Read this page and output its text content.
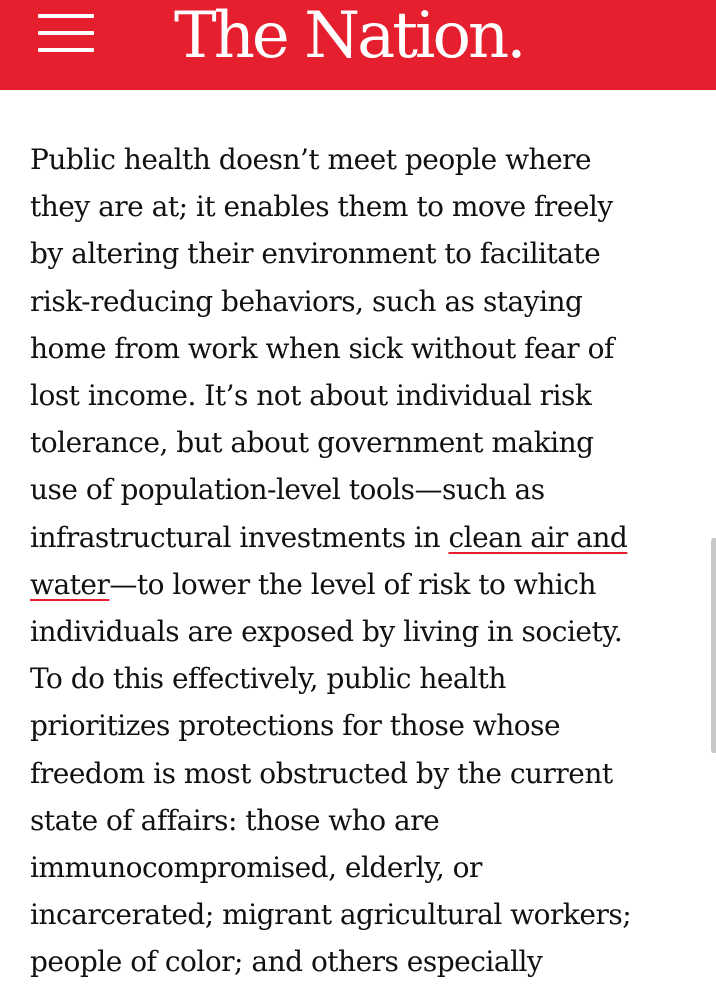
The Nation.
Public health doesn’t meet people where
they are at; it enables them to move freely
by altering their environment to facilitate
risk-reducing behaviors, such as staying
home from work when sick without fear of
lost income. It’s not about individual risk
tolerance, but about government making
use of population-level tools—such as
infrastructural investments in clean air and
water—to lower the level of risk to which
individuals are exposed by living in society.
To do this effectively, public health
prioritizes protections for those whose
freedom is most obstructed by the current
state of affairs: those who are
immunocompromised, elderly, or
incarcerated; migrant agricultural workers;
people of color; and others especially
